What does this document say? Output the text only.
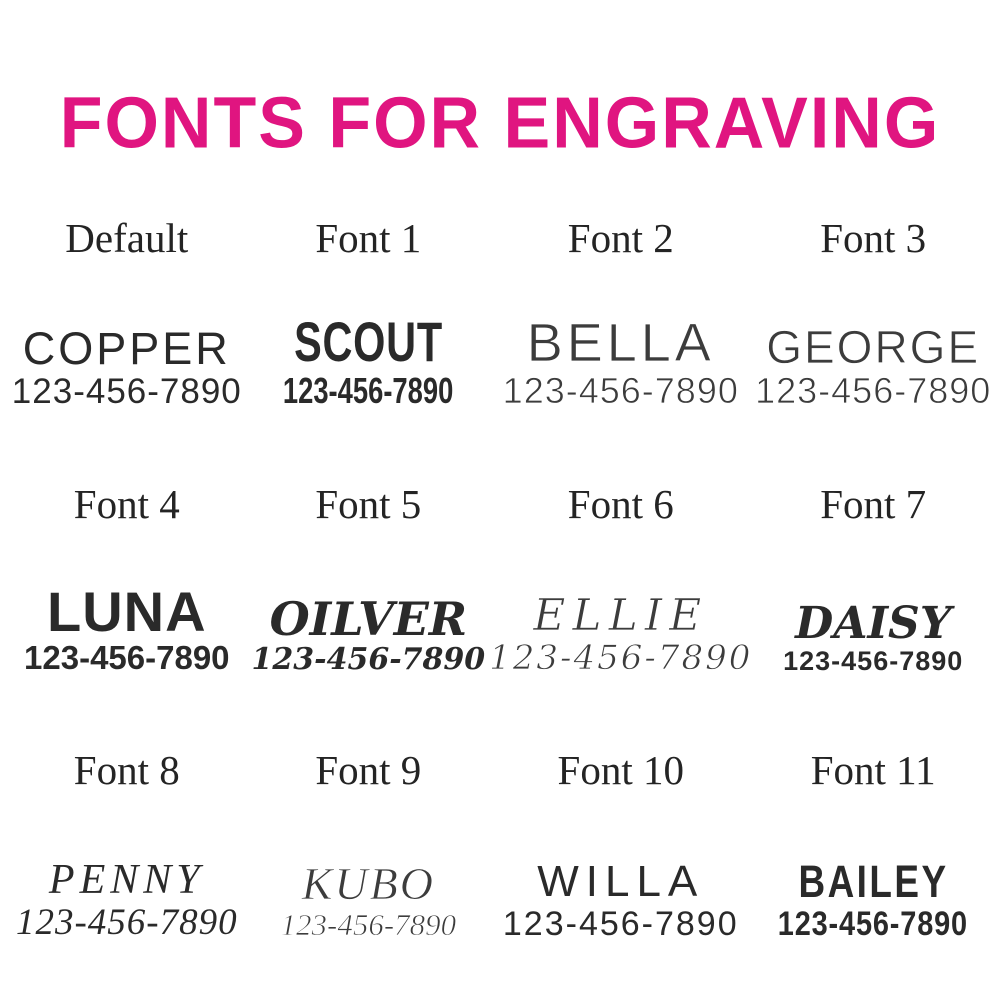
FONTS FOR ENGRAVING
Default
COPPER
123-456-7890
Font 1
SCOUT
123-456-7890
Font 2
BELLA
123-456-7890
Font 3
GEORGE
123-456-7890
Font 4
LUNA
123-456-7890
Font 5
OILVER
123-456-7890
Font 6
ELLIE
123-456-7890
Font 7
DAISY
123-456-7890
Font 8
PENNY
123-456-7890
Font 9
KUBO
123-456-7890
Font 10
WILLA
123-456-7890
Font 11
BAILEY
123-456-7890
